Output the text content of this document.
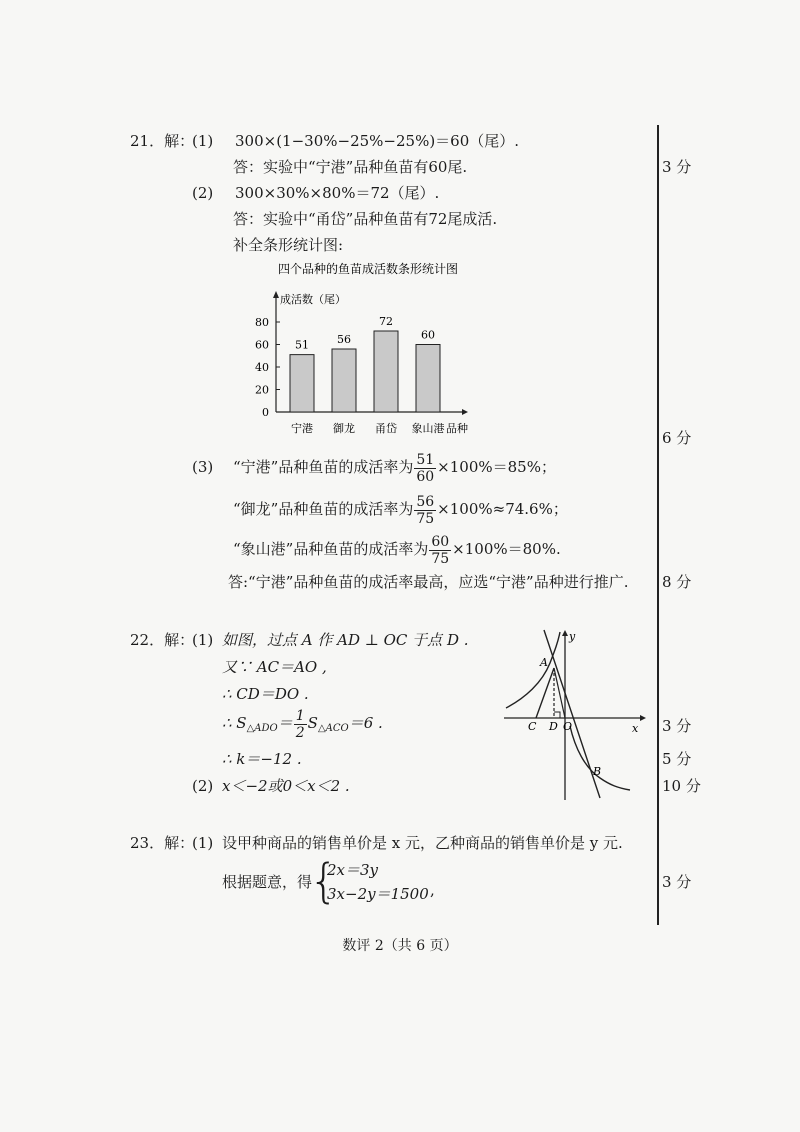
21．解：
(1) 300×(1−30%−25%−25%)＝60（尾）.
答：实验中“宁港”品种鱼苗有60尾.	3 分
(2) 300×30%×80%＝72（尾）.
答：实验中“甬岱”品种鱼苗有72尾成活.
补全条形统计图:
四个品种的鱼苗成活数条形统计图
成活数（尾）
品种
0
20
40
60
80
51
宁港
56
御龙
72
甬岱
60
象山港
6 分
(3) “宁港”品种鱼苗的成活率为 $\frac{51}{60} \times 100\%=85\%$；
“御龙”品种鱼苗的成活率为 $\frac{56}{75} \times 100\%\approx 74.6\%$；
“象山港”品种鱼苗的成活率为 $\frac{60}{75} \times 100\%=80\%$.
答:“宁港”品种鱼苗的成活率最高，应选“宁港”品种进行推广. 8 分
22．解：
(1) 如图，过点 A 作 AD ⊥ OC 于点 D .
又∵ AC＝AO ,
∴ CD＝DO .
∴ $S_{\triangle ADO}= \frac{1}{2} S_{\triangle ACO}=6$ .	3 分
∴ k＝−12 .	5 分
(2) x＜−2或0＜x＜2 .	10 分
A
B
C D O	x
y
23．解：
(1) 设甲种商品的销售单价是 x 元，乙种商品的销售单价是 y 元.
根据题意，得
{
2x＝3y
3x−2y＝1500 ,	3 分
数评 2（共 6 页）
